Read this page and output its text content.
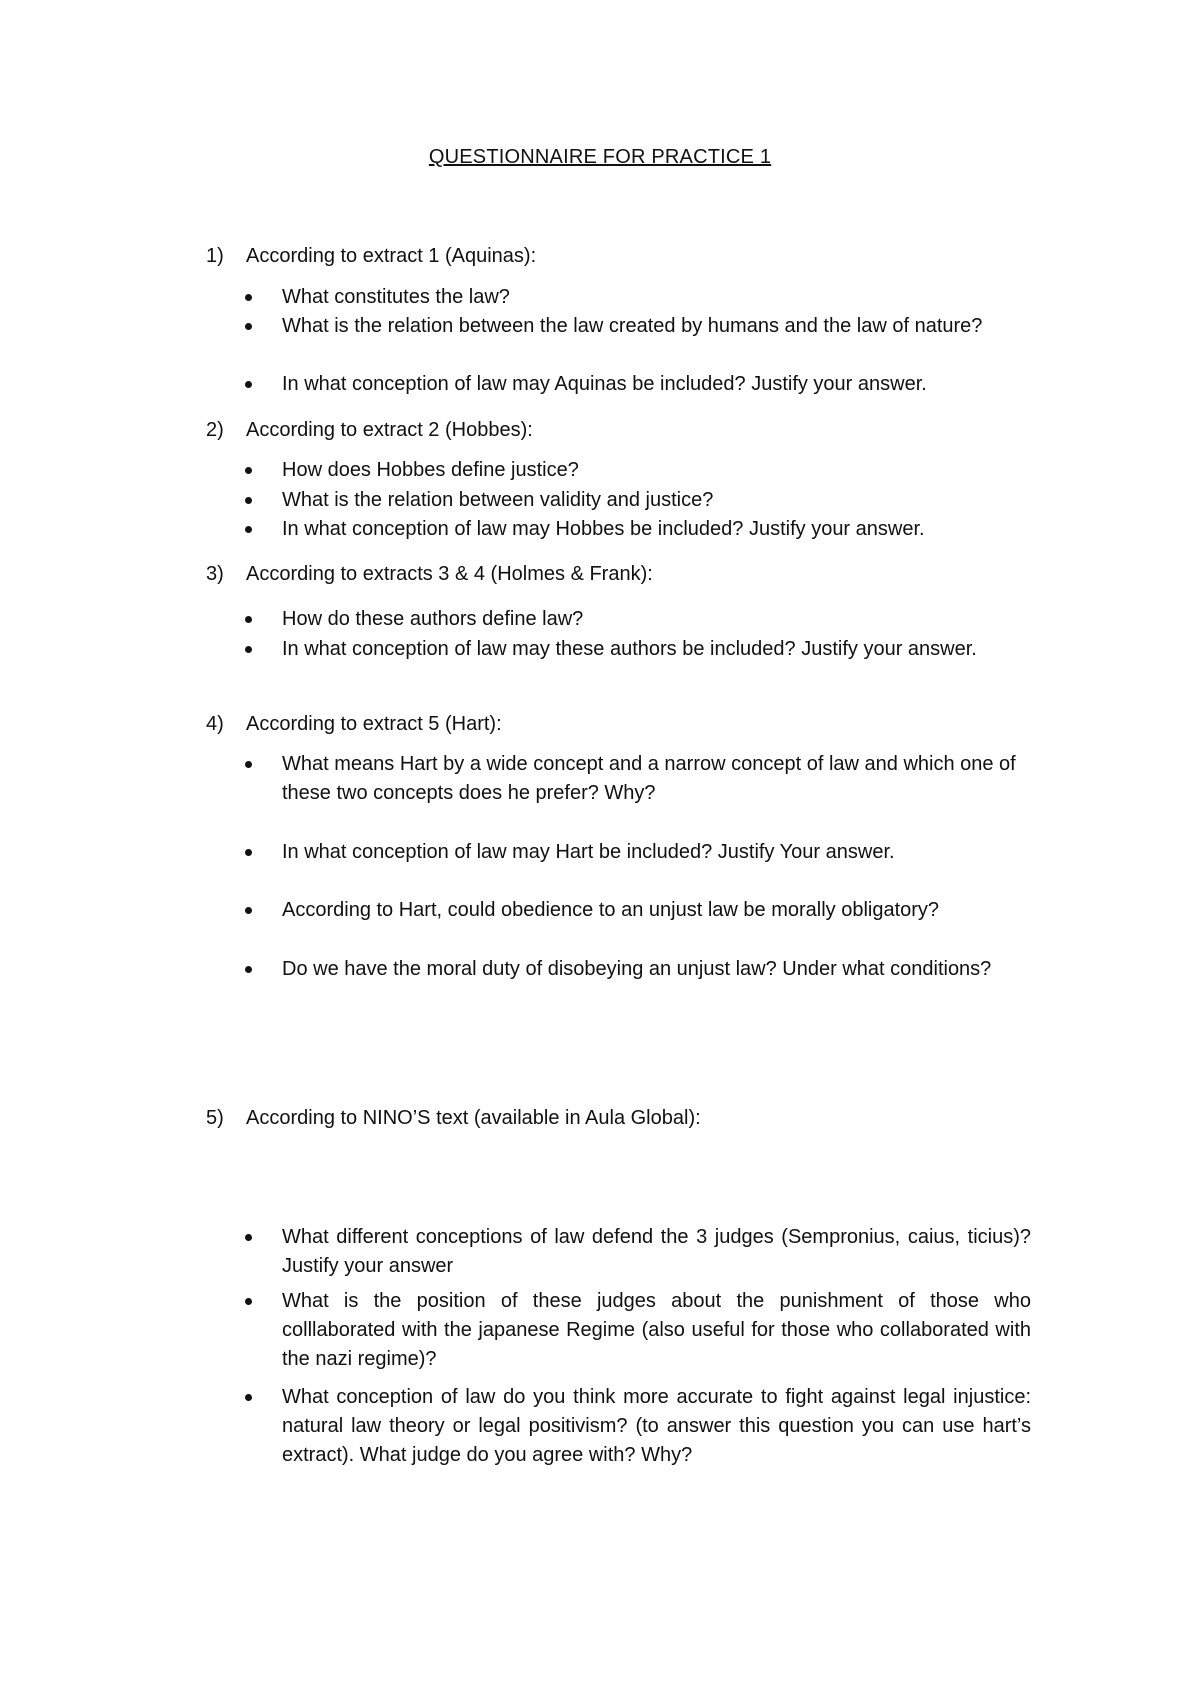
QUESTIONNAIRE FOR PRACTICE 1
1) According to extract 1 (Aquinas):
What constitutes the law?
What is the relation between the law created by humans and the law of nature?
In what conception of law may Aquinas be included? Justify your answer.
2) According to extract 2 (Hobbes):
How does Hobbes define justice?
What is the relation between validity and justice?
In what conception of law may Hobbes be included? Justify your answer.
3) According to extracts 3 & 4 (Holmes & Frank):
How do these authors define law?
In what conception of law may these authors be included? Justify your answer.
4) According to extract 5 (Hart):
What means Hart by a wide concept and a narrow concept of law and which one of these two concepts does he prefer? Why?
In what conception of law may Hart be included? Justify Your answer.
According to Hart, could obedience to an unjust law be morally obligatory?
Do we have the moral duty of disobeying an unjust law? Under what conditions?
5) According to NINO’S text (available in Aula Global):
What different conceptions of law defend the 3 judges (Sempronius, caius, ticius)? Justify your answer
What is the position of these judges about the punishment of those who colllaborated with the japanese Regime (also useful for those who collaborated with the nazi regime)?
What conception of law do you think more accurate to fight against legal injustice: natural law theory or legal positivism? (to answer this question you can use hart’s extract). What judge do you agree with? Why?
